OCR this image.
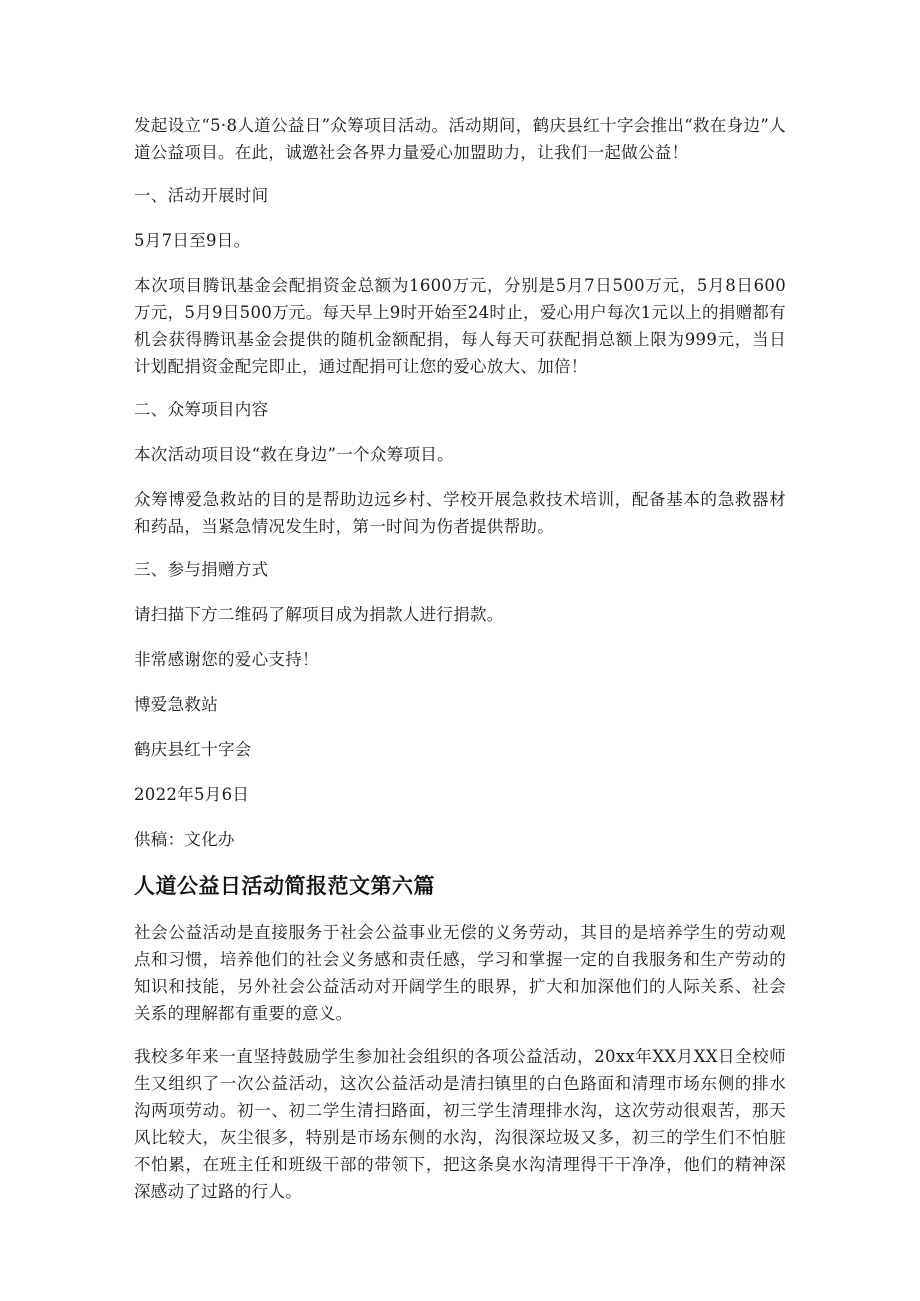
发起设立“5·8人道公益日”众筹项目活动。活动期间，鹤庆县红十字会推出“救在身边”人道公益项目。在此，诚邀社会各界力量爱心加盟助力，让我们一起做公益！

一、活动开展时间

5月7日至9日。

本次项目腾讯基金会配捐资金总额为1600万元，分别是5月7日500万元，5月8日600万元，5月9日500万元。每天早上9时开始至24时止，爱心用户每次1元以上的捐赠都有机会获得腾讯基金会提供的随机金额配捐，每人每天可获配捐总额上限为999元，当日计划配捐资金配完即止，通过配捐可让您的爱心放大、加倍！

二、众筹项目内容

本次活动项目设“救在身边”一个众筹项目。

众筹博爱急救站的目的是帮助边远乡村、学校开展急救技术培训，配备基本的急救器材和药品，当紧急情况发生时，第一时间为伤者提供帮助。

三、参与捐赠方式

请扫描下方二维码了解项目成为捐款人进行捐款。

非常感谢您的爱心支持！

博爱急救站

鹤庆县红十字会

2022年5月6日

供稿：文化办

人道公益日活动简报范文第六篇

社会公益活动是直接服务于社会公益事业无偿的义务劳动，其目的是培养学生的劳动观点和习惯，培养他们的社会义务感和责任感，学习和掌握一定的自我服务和生产劳动的知识和技能，另外社会公益活动对开阔学生的眼界，扩大和加深他们的人际关系、社会关系的理解都有重要的意义。

我校多年来一直坚持鼓励学生参加社会组织的各项公益活动，20xx年XX月XX日全校师生又组织了一次公益活动，这次公益活动是清扫镇里的白色路面和清理市场东侧的排水沟两项劳动。初一、初二学生清扫路面，初三学生清理排水沟，这次劳动很艰苦，那天风比较大，灰尘很多，特别是市场东侧的水沟，沟很深垃圾又多，初三的学生们不怕脏不怕累，在班主任和班级干部的带领下，把这条臭水沟清理得干干净净，他们的精神深深感动了过路的行人。
